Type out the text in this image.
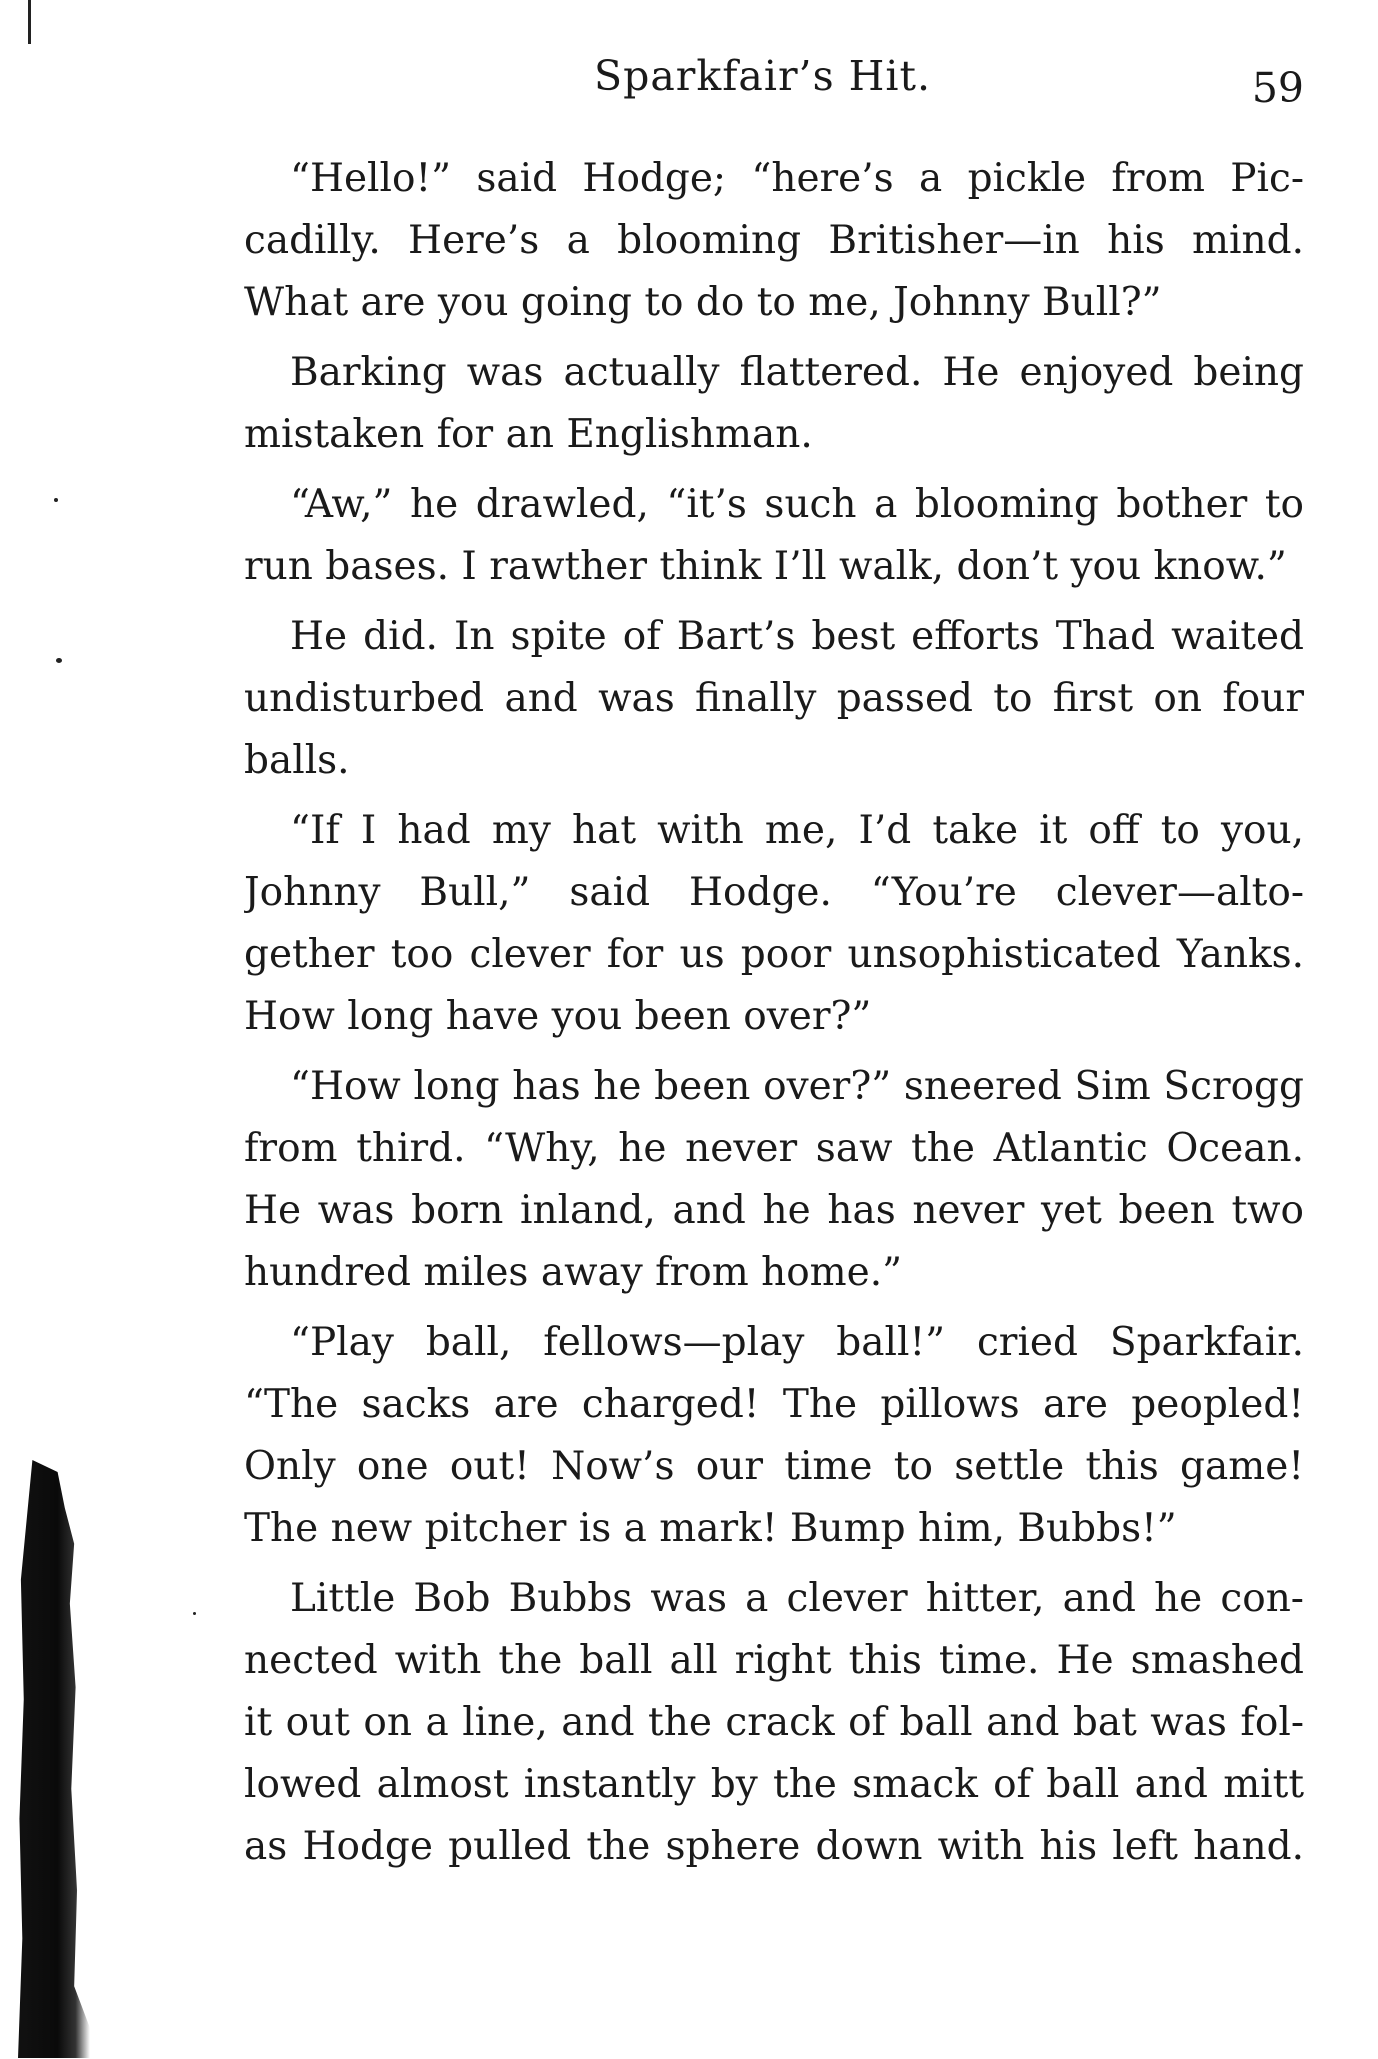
Sparkfair’s Hit.	59
“Hello!” said Hodge; “here’s a pickle from Pic-
cadilly. Here’s a blooming Britisher—in his mind.
What are you going to do to me, Johnny Bull?”
Barking was actually flattered. He enjoyed being
mistaken for an Englishman.
“Aw,” he drawled, “it’s such a blooming bother to
run bases. I rawther think I’ll walk, don’t you know.”
He did. In spite of Bart’s best efforts Thad waited
undisturbed and was finally passed to first on four
balls.
“If I had my hat with me, I’d take it off to you,
Johnny Bull,” said Hodge. “You’re clever—alto-
gether too clever for us poor unsophisticated Yanks.
How long have you been over?”
“How long has he been over?” sneered Sim Scrogg
from third. “Why, he never saw the Atlantic Ocean.
He was born inland, and he has never yet been two
hundred miles away from home.”
“Play ball, fellows—play ball!” cried Sparkfair.
“The sacks are charged! The pillows are peopled!
Only one out! Now’s our time to settle this game!
The new pitcher is a mark! Bump him, Bubbs!”
Little Bob Bubbs was a clever hitter, and he con-
nected with the ball all right this time. He smashed
it out on a line, and the crack of ball and bat was fol-
lowed almost instantly by the smack of ball and mitt
as Hodge pulled the sphere down with his left hand.
